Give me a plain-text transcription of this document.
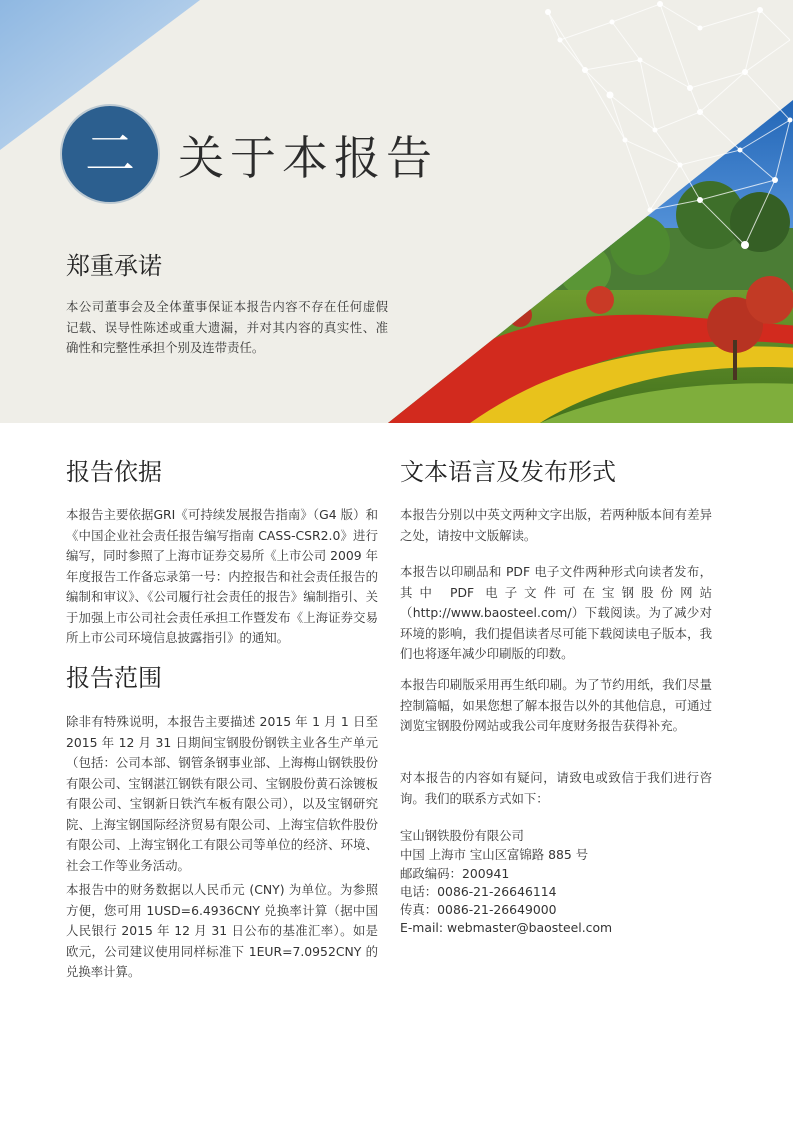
二 关于本报告
郑重承诺

本公司董事会及全体董事保证本报告内容不存在任何虚假记载、误导性陈述或重大遗漏，并对其内容的真实性、准确性和完整性承担个别及连带责任。

报告依据

本报告主要依据GRI《可持续发展报告指南》（G4 版）和《中国企业社会责任报告编写指南 CASS-CSR2.0》进行编写，同时参照了上海市证券交易所《上市公司 2009 年年度报告工作备忘录第一号：内控报告和社会责任报告的编制和审议》、《公司履行社会责任的报告》编制指引、关于加强上市公司社会责任承担工作暨发布《上海证券交易所上市公司环境信息披露指引》的通知。

报告范围

除非有特殊说明，本报告主要描述 2015 年 1 月 1 日至 2015 年 12 月 31 日期间宝钢股份钢铁主业各生产单元（包括：公司本部、钢管条钢事业部、上海梅山钢铁股份有限公司、宝钢湛江钢铁有限公司、宝钢股份黄石涂镀板有限公司、宝钢新日铁汽车板有限公司），以及宝钢研究院、上海宝钢国际经济贸易有限公司、上海宝信软件股份有限公司、上海宝钢化工有限公司等单位的经济、环境、社会工作等业务活动。

本报告中的财务数据以人民币元 (CNY) 为单位。为参照方便，您可用 1USD=6.4936CNY 兑换率计算（据中国人民银行 2015 年 12 月 31 日公布的基准汇率）。如是欧元，公司建议使用同样标准下 1EUR=7.0952CNY 的兑换率计算。

文本语言及发布形式

本报告分别以中英文两种文字出版，若两种版本间有差异之处，请按中文版解读。

本报告以印刷品和 PDF 电子文件两种形式向读者发布，其中 PDF 电子文件可在宝钢股份网站（http://www.baosteel.com/）下载阅读。为了减少对环境的影响，我们提倡读者尽可能下载阅读电子版本，我们也将逐年减少印刷版的印数。

本报告印刷版采用再生纸印刷。为了节约用纸，我们尽量控制篇幅，如果您想了解本报告以外的其他信息，可通过浏览宝钢股份网站或我公司年度财务报告获得补充。

对本报告的内容如有疑问，请致电或致信于我们进行咨询。我们的联系方式如下：

宝山钢铁股份有限公司
中国 上海市 宝山区富锦路 885 号
邮政编码：200941
电话：0086-21-26646114
传真：0086-21-26649000
E-mail: webmaster@baosteel.com
